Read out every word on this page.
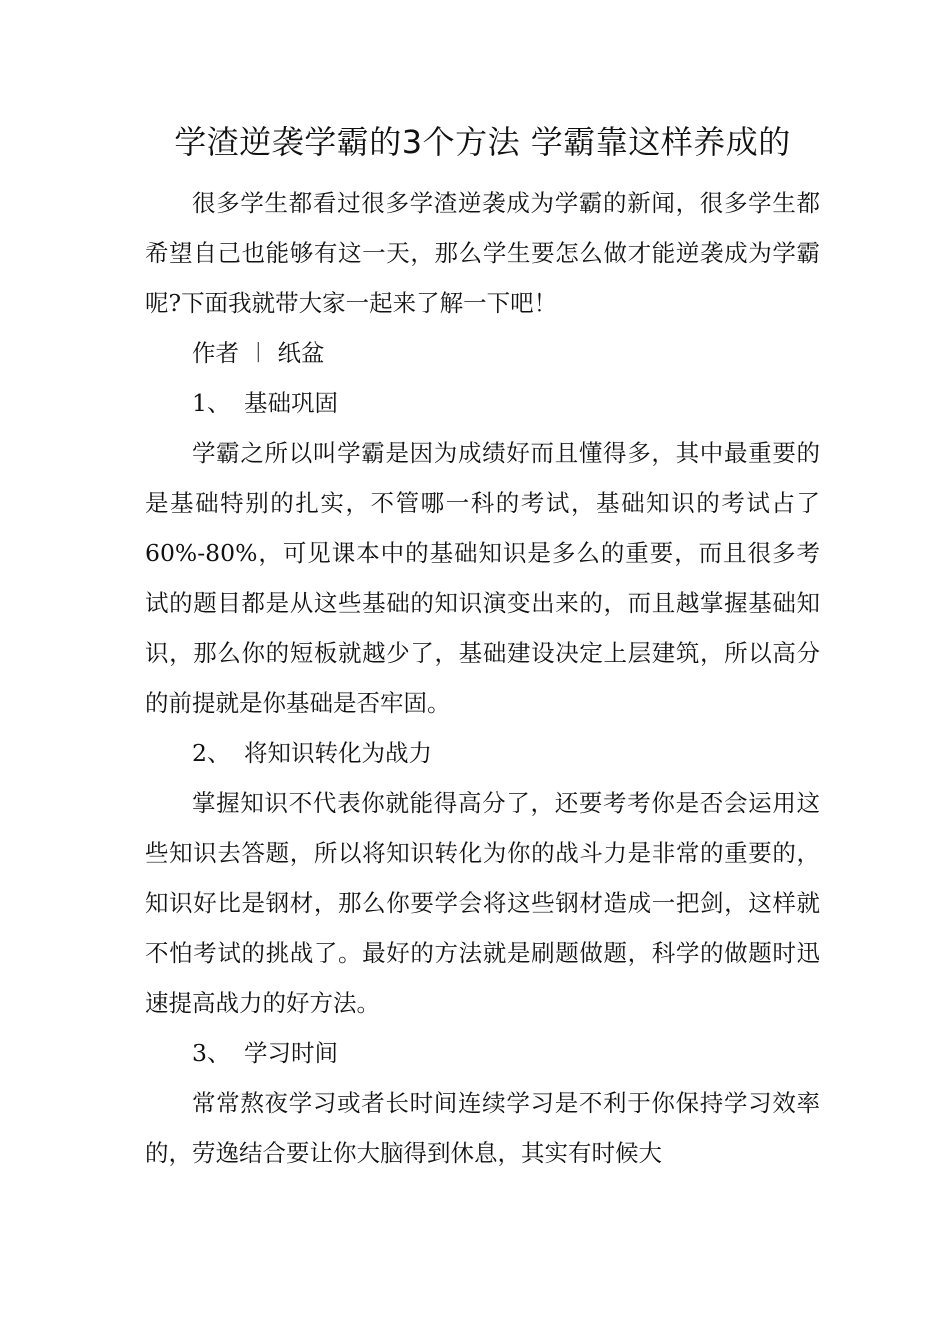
学渣逆袭学霸的3个方法 学霸靠这样养成的

很多学生都看过很多学渣逆袭成为学霸的新闻，很多学生都希望自己也能够有这一天，那么学生要怎么做才能逆袭成为学霸呢?下面我就带大家一起来了解一下吧！

作者 ︱ 纸盆

1、 基础巩固

学霸之所以叫学霸是因为成绩好而且懂得多，其中最重要的是基础特别的扎实，不管哪一科的考试，基础知识的考试占了60%-80%，可见课本中的基础知识是多么的重要，而且很多考试的题目都是从这些基础的知识演变出来的，而且越掌握基础知识，那么你的短板就越少了，基础建设决定上层建筑，所以高分的前提就是你基础是否牢固。

2、 将知识转化为战力

掌握知识不代表你就能得高分了，还要考考你是否会运用这些知识去答题，所以将知识转化为你的战斗力是非常的重要的，知识好比是钢材，那么你要学会将这些钢材造成一把剑，这样就不怕考试的挑战了。最好的方法就是刷题做题，科学的做题时迅速提高战力的好方法。

3、 学习时间

常常熬夜学习或者长时间连续学习是不利于你保持学习效率的，劳逸结合要让你大脑得到休息，其实有时候大
